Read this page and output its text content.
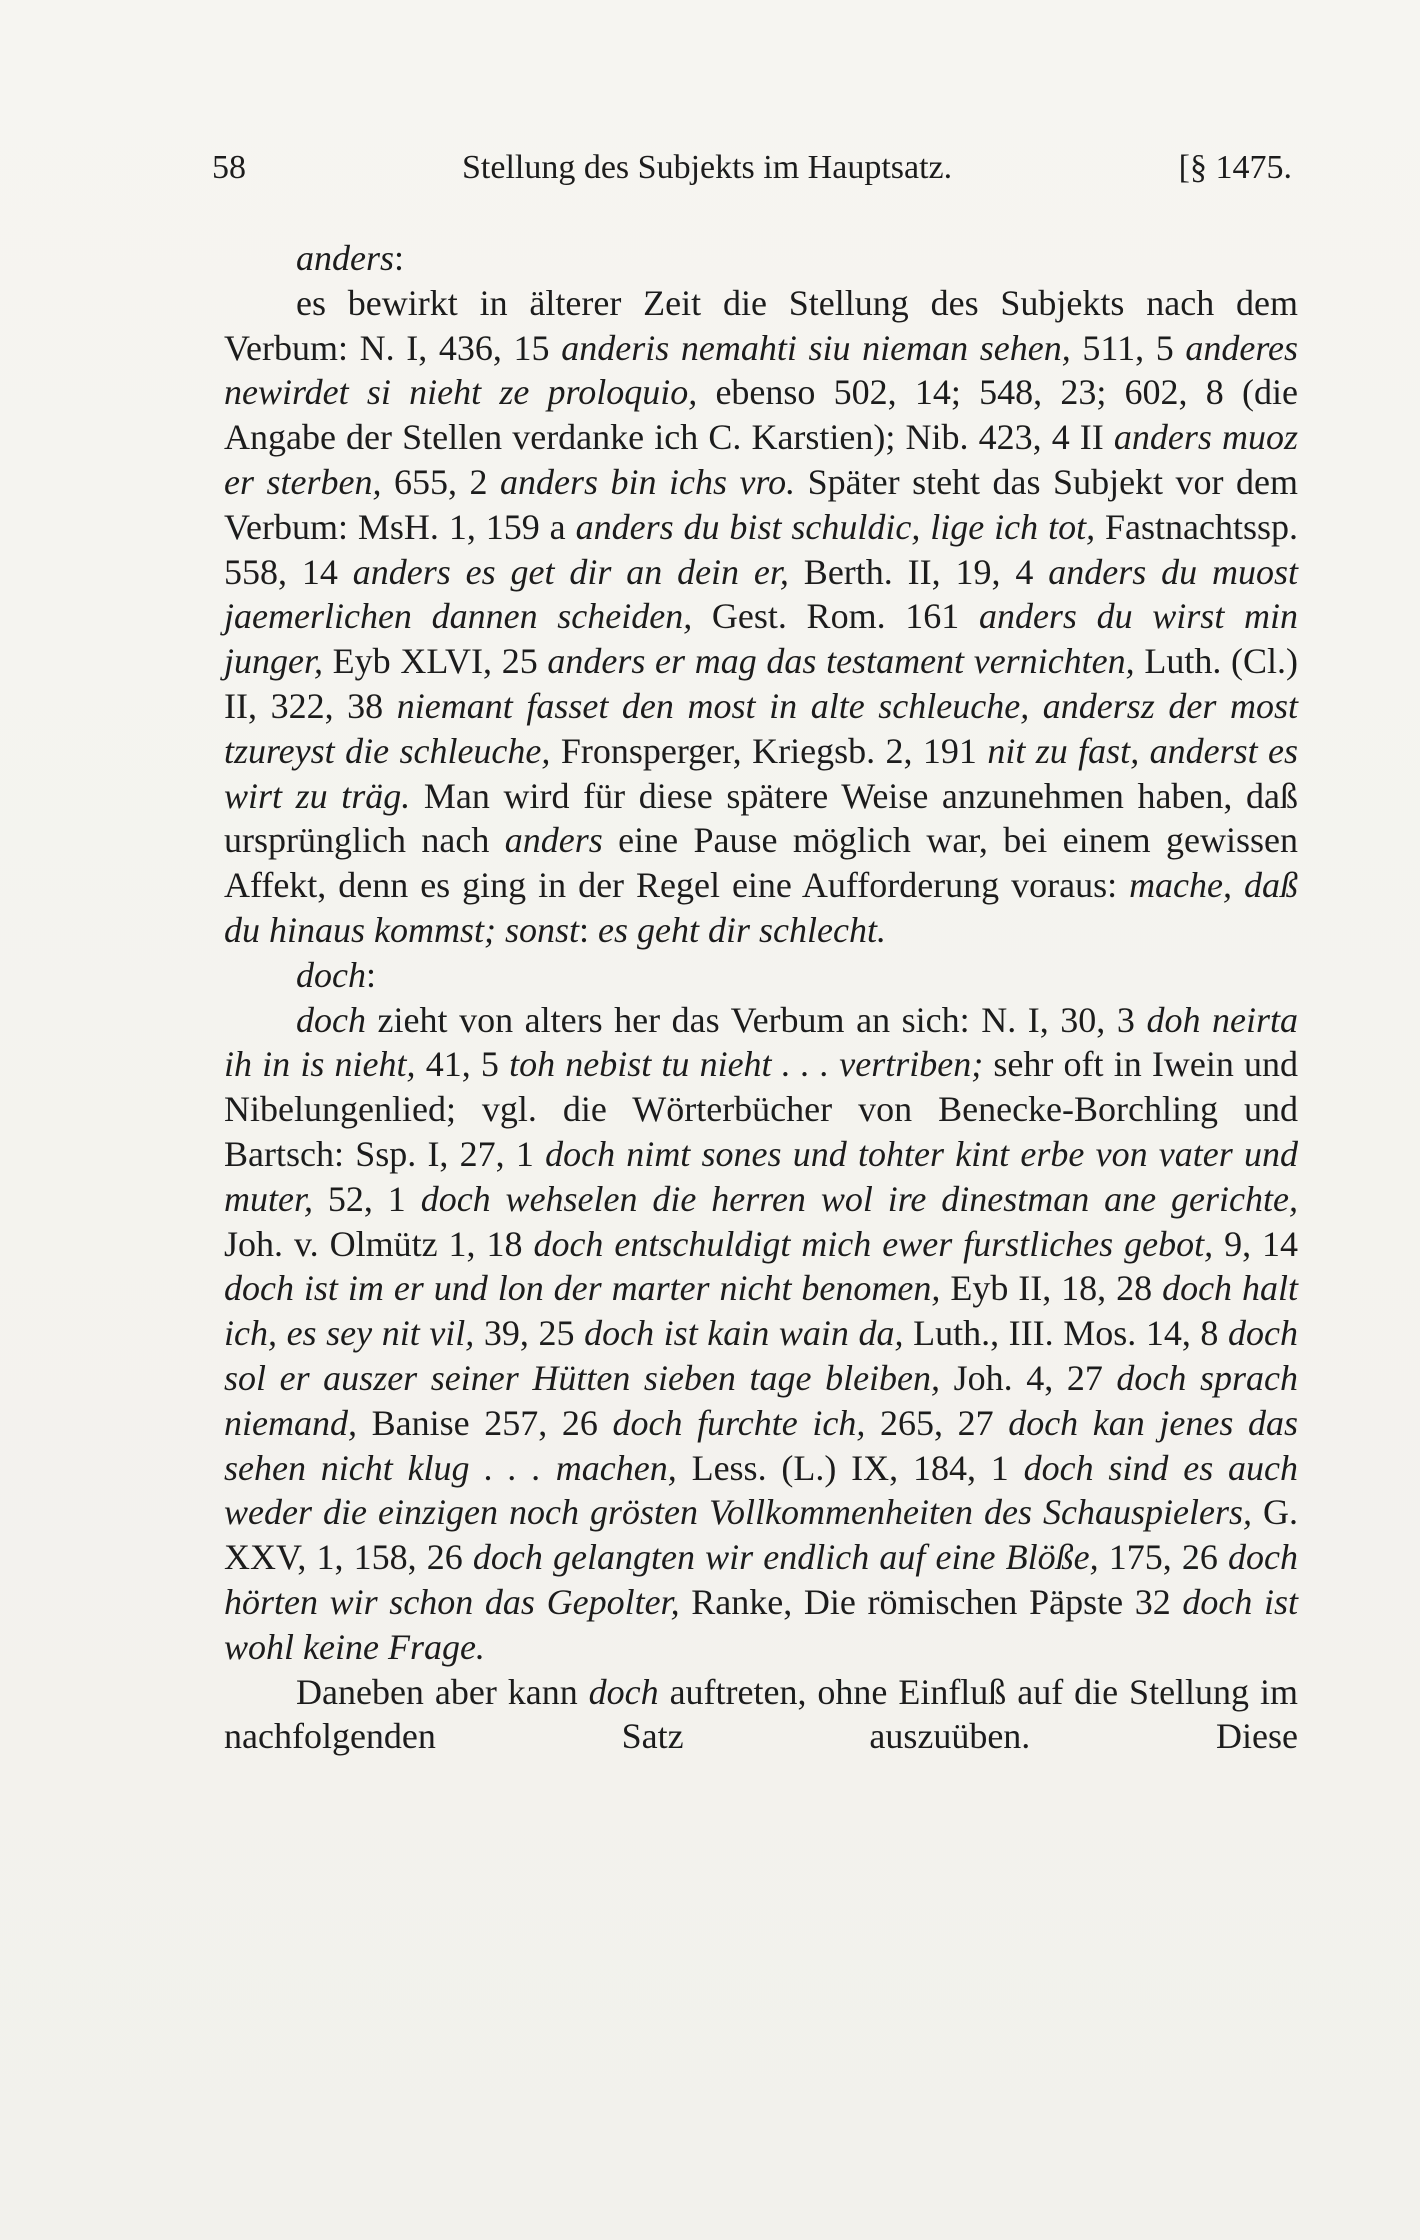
58	Stellung des Subjekts im Hauptsatz.	[§ 1475.

anders:

es bewirkt in älterer Zeit die Stellung des Subjekts nach dem Verbum: N. I, 436, 15 anderis nemahti siu nieman sehen, 511, 5 anderes newirdet si nieht ze proloquio, ebenso 502, 14; 548, 23; 602, 8 (die Angabe der Stellen verdanke ich C. Karstien); Nib. 423, 4 II anders muoz er sterben, 655, 2 anders bin ichs vro. Später steht das Subjekt vor dem Verbum: MsH. 1, 159 a anders du bist schuldic, lige ich tot, Fastnachtssp. 558, 14 anders es get dir an dein er, Berth. II, 19, 4 anders du muost jaemerlichen dannen scheiden, Gest. Rom. 161 anders du wirst min junger, Eyb XLVI, 25 anders er mag das testament vernichten, Luth. (Cl.) II, 322, 38 niemant fasset den most in alte schleuche, andersz der most tzureyst die schleuche, Fronsperger, Kriegsb. 2, 191 nit zu fast, anderst es wirt zu träg. Man wird für diese spätere Weise anzunehmen haben, daß ursprünglich nach anders eine Pause möglich war, bei einem gewissen Affekt, denn es ging in der Regel eine Aufforderung voraus: mache, daß du hinaus kommst; sonst: es geht dir schlecht.

doch:

doch zieht von alters her das Verbum an sich: N. I, 30, 3 doh neirta ih in is nieht, 41, 5 toh nebist tu nieht . . . vertriben; sehr oft in Iwein und Nibelungenlied; vgl. die Wörterbücher von Benecke-Borchling und Bartsch: Ssp. I, 27, 1 doch nimt sones und tohter kint erbe von vater und muter, 52, 1 doch wehselen die herren wol ire dinestman ane gerichte, Joh. v. Olmütz 1, 18 doch entschuldigt mich ewer furstliches gebot, 9, 14 doch ist im er und lon der marter nicht benomen, Eyb II, 18, 28 doch halt ich, es sey nit vil, 39, 25 doch ist kain wain da, Luth., III. Mos. 14, 8 doch sol er auszer seiner Hütten sieben tage bleiben, Joh. 4, 27 doch sprach niemand, Banise 257, 26 doch furchte ich, 265, 27 doch kan jenes das sehen nicht klug . . . machen, Less. (L.) IX, 184, 1 doch sind es auch weder die einzigen noch grösten Vollkommenheiten des Schauspielers, G. XXV, 1, 158, 26 doch gelangten wir endlich auf eine Blöße, 175, 26 doch hörten wir schon das Gepolter, Ranke, Die römischen Päpste 32 doch ist wohl keine Frage.

Daneben aber kann doch auftreten, ohne Einfluß auf die Stellung im nachfolgenden Satz auszuüben. Diese
